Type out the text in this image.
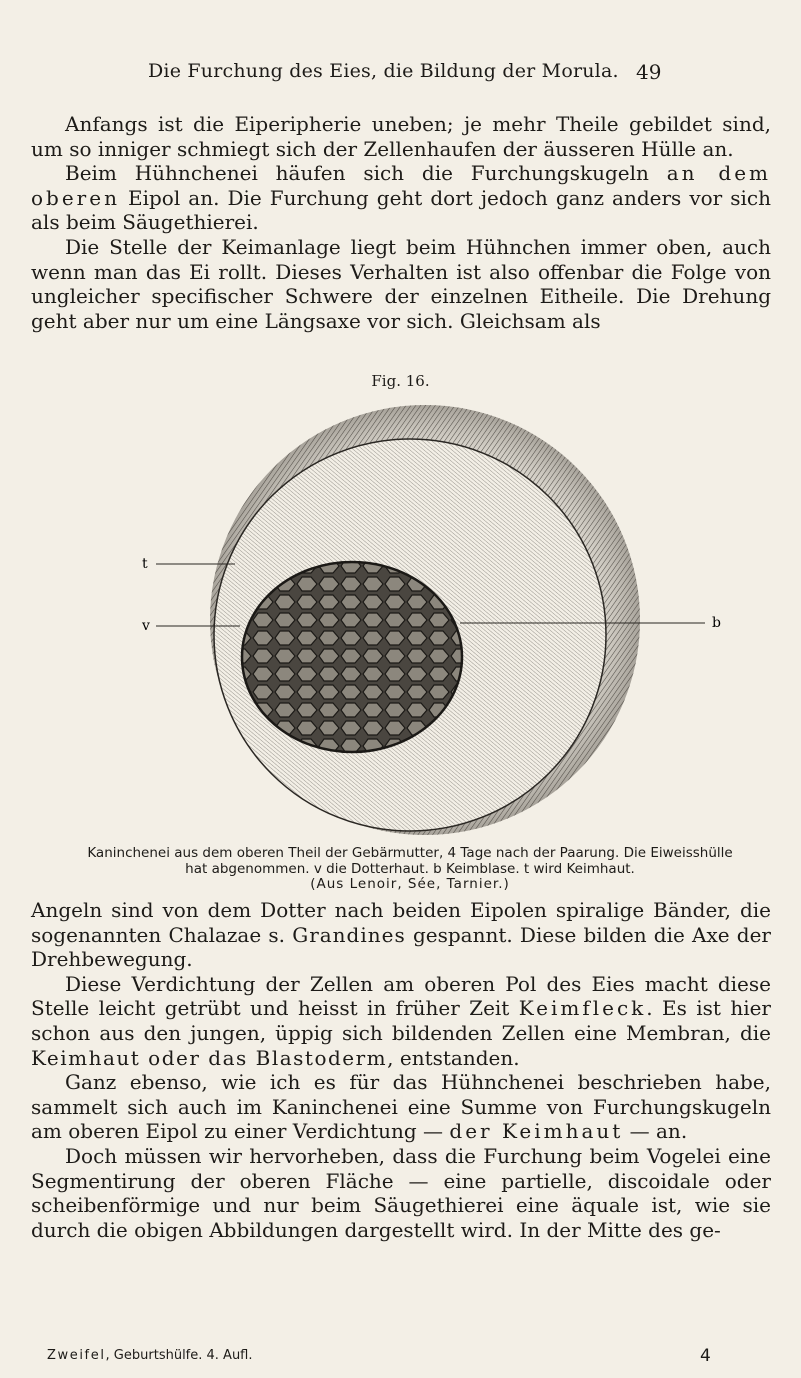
Die Furchung des Eies, die Bildung der Morula. 49

Anfangs ist die Eiperipherie uneben; je mehr Theile gebildet sind, um so inniger schmiegt sich der Zellenhaufen der äusseren Hülle an.

Beim Hühnchenei häufen sich die Furchungskugeln an dem oberen Eipol an. Die Furchung geht dort jedoch ganz anders vor sich als beim Säugethierei.

Die Stelle der Keimanlage liegt beim Hühnchen immer oben, auch wenn man das Ei rollt. Dieses Verhalten ist also offenbar die Folge von ungleicher specifischer Schwere der einzelnen Eitheile. Die Drehung geht aber nur um eine Längsaxe vor sich. Gleichsam als

Fig. 16.
t
v	b

Kaninchenei aus dem oberen Theil der Gebärmutter, 4 Tage nach der Paarung. Die Eiweisshülle

hat abgenommen. v die Dotterhaut. b Keimblase. t wird Keimhaut.

(Aus Lenoir, Sée, Tarnier.)

Angeln sind von dem Dotter nach beiden Eipolen spiralige Bänder, die sogenannten Chalazae s. Grandines gespannt. Diese bilden die Axe der Drehbewegung.

Diese Verdichtung der Zellen am oberen Pol des Eies macht diese Stelle leicht getrübt und heisst in früher Zeit Keimfleck. Es ist hier schon aus den jungen, üppig sich bildenden Zellen eine Membran, die Keimhaut oder das Blastoderm, entstanden.

Ganz ebenso, wie ich es für das Hühnchenei beschrieben habe, sammelt sich auch im Kaninchenei eine Summe von Furchungskugeln am oberen Eipol zu einer Verdichtung — der Keimhaut — an.

Doch müssen wir hervorheben, dass die Furchung beim Vogelei eine Segmentirung der oberen Fläche — eine partielle, discoidale oder scheibenförmige und nur beim Säugethierei eine äquale ist, wie sie durch die obigen Abbildungen dargestellt wird. In der Mitte des ge-

Zweifel, Geburtshülfe. 4. Aufl.	4
